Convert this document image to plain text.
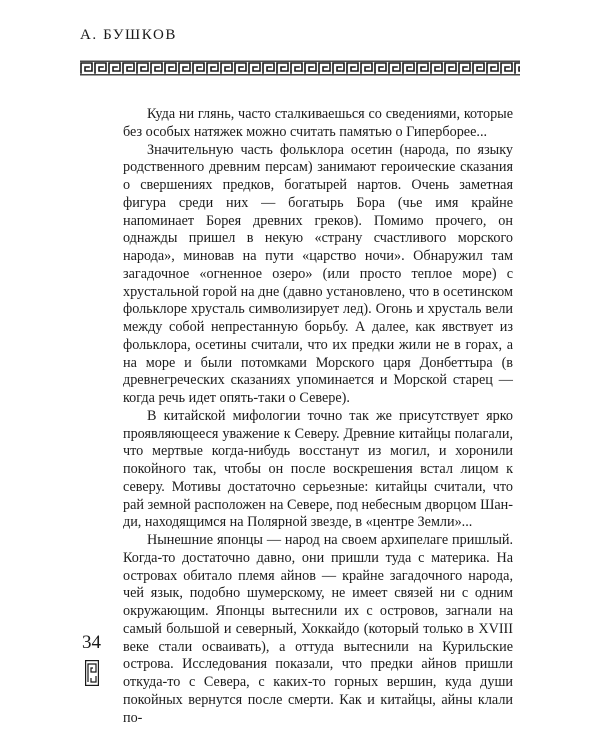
А. БУШКОВ

Куда ни глянь, часто сталкиваешься со сведениями, которые без особых натяжек можно считать памятью о Гиперборее...

Значительную часть фольклора осетин (народа, по языку родственного древним персам) занимают героические сказания о свершениях предков, богатырей нартов. Очень заметная фигура среди них — богатырь Бора (чье имя крайне напоминает Борея древних греков). Помимо прочего, он однажды пришел в некую «страну счастливого морского народа», миновав на пути «царство ночи». Обнаружил там загадочное «огненное озеро» (или просто теплое море) с хрустальной горой на дне (давно установлено, что в осетинском фольклоре хрусталь символизирует лед). Огонь и хрусталь вели между собой непрестанную борьбу. А далее, как явствует из фольклора, осетины считали, что их предки жили не в горах, а на море и были потомками Морского царя Донбеттыра (в древнегреческих сказаниях упоминается и Морской старец — когда речь идет опять-таки о Севере).

В китайской мифологии точно так же присутствует ярко проявляющееся уважение к Северу. Древние китайцы полагали, что мертвые когда-нибудь восстанут из могил, и хоронили покойного так, чтобы он после воскрешения встал лицом к северу. Мотивы достаточно серьезные: китайцы считали, что рай земной расположен на Севере, под небесным дворцом Шан-ди, находящимся на Полярной звезде, в «центре Земли»...

Нынешние японцы — народ на своем архипелаге пришлый. Когда-то достаточно давно, они пришли туда с материка. На островах обитало племя айнов — крайне загадочного народа, чей язык, подобно шумерскому, не имеет связей ни с одним окружающим. Японцы вытеснили их с островов, загнали на самый большой и северный, Хоккайдо (который только в XVIII веке стали осваивать), а оттуда вытеснили на Курильские острова. Исследования показали, что предки айнов пришли откуда-то с Севера, с каких-то горных вершин, куда души покойных вернутся после смерти. Как и китайцы, айны клали по-

34
